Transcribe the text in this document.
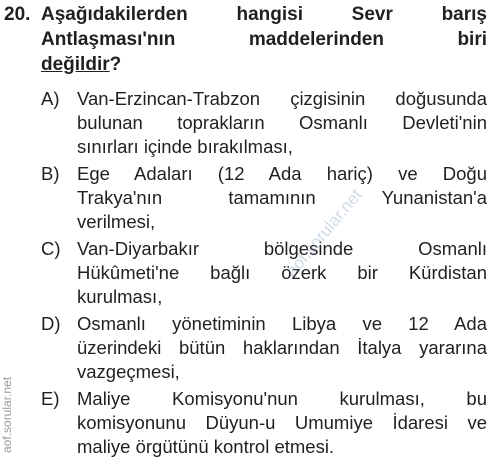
20. Aşağıdakilerden hangisi Sevr barış
Antlaşması'nın maddelerinden biri
değildir?
A) Van-Erzincan-Trabzon çizgisinin doğusunda
bulunan toprakların Osmanlı Devleti'nin
sınırları içinde bırakılması,
B) Ege Adaları (12 Ada hariç) ve Doğu
Trakya'nın tamamının Yunanistan'a
verilmesi,
C) Van-Diyarbakır bölgesinde Osmanlı
Hükûmeti'ne bağlı özerk bir Kürdistan
kurulması,
D) Osmanlı yönetiminin Libya ve 12 Ada
üzerindeki bütün haklarından İtalya yararına
vazgeçmesi,
E) Maliye Komisyonu'nun kurulması, bu
komisyonunu Düyun-u Umumiye İdaresi ve
maliye örgütünü kontrol etmesi.
aof.sorular.net
aof.sorular.net
